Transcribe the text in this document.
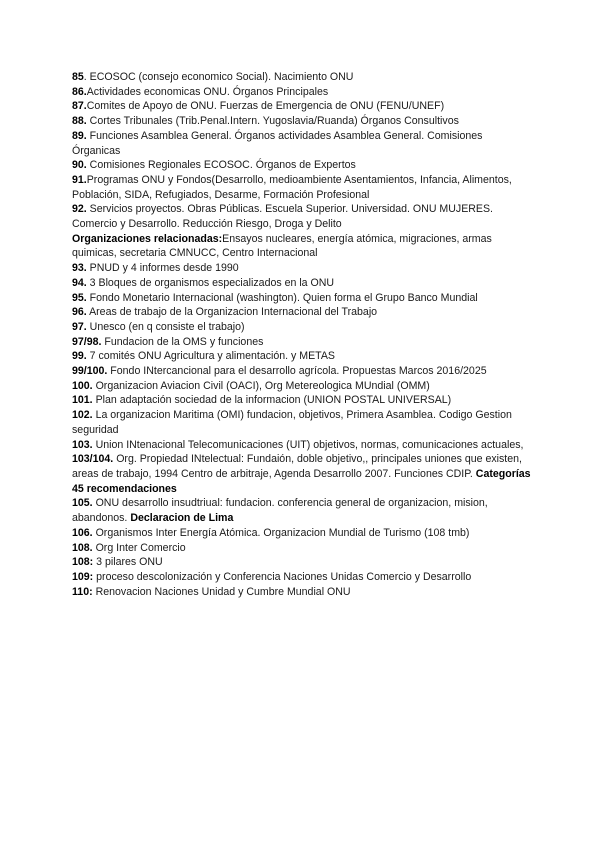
85. ECOSOC (consejo economico Social). Nacimiento ONU

86.Actividades economicas ONU. Órganos Principales

87.Comites de Apoyo de ONU. Fuerzas de Emergencia de ONU (FENU/UNEF)

88. Cortes Tribunales (Trib.Penal.Intern. Yugoslavia/Ruanda) Órganos Consultivos

89. Funciones Asamblea General. Órganos actividades Asamblea General. Comisiones Órganicas

90. Comisiones Regionales ECOSOC. Órganos de Expertos

91.Programas ONU y Fondos(Desarrollo, medioambiente Asentamientos, Infancia, Alimentos, Población, SIDA, Refugiados, Desarme, Formación Profesional

92. Servicios proyectos. Obras Públicas. Escuela Superior. Universidad. ONU MUJERES. Comercio y Desarrollo. Reducción Riesgo, Droga y Delito

Organizaciones relacionadas:Ensayos nucleares, energía atómica, migraciones, armas quimicas, secretaria CMNUCC, Centro Internacional

93. PNUD y 4 informes desde 1990

94. 3 Bloques de organismos especializados en la ONU

95. Fondo Monetario Internacional (washington). Quien forma el Grupo Banco Mundial

96. Areas de trabajo de la Organizacion Internacional del Trabajo

97. Unesco (en q consiste el trabajo)

97/98. Fundacion de la OMS y funciones

99. 7 comités ONU Agricultura y alimentación. y METAS

99/100. Fondo INtercancional para el desarrollo agrícola. Propuestas Marcos 2016/2025

100. Organizacion Aviacion Civil (OACI), Org Metereologica MUndial (OMM)

101. Plan adaptación sociedad de la informacion (UNION POSTAL UNIVERSAL)

102. La organizacion Maritima (OMI) fundacion, objetivos, Primera Asamblea. Codigo Gestion seguridad

103. Union INtenacional Telecomunicaciones (UIT) objetivos, normas, comunicaciones actuales,

103/104. Org. Propiedad INtelectual: Fundaión, doble objetivo,, principales uniones que existen, areas de trabajo, 1994 Centro de arbitraje, Agenda Desarrollo 2007. Funciones CDIP. Categorías 45 recomendaciones

105. ONU desarrollo insudtriual: fundacion. conferencia general de organizacion, mision, abandonos. Declaracion de Lima

106. Organismos Inter Energía Atómica. Organizacion Mundial de Turismo (108 tmb)

108. Org Inter Comercio

108: 3 pilares ONU

109: proceso descolonización y Conferencia Naciones Unidas Comercio y Desarrollo

110: Renovacion Naciones Unidad y Cumbre Mundial ONU
